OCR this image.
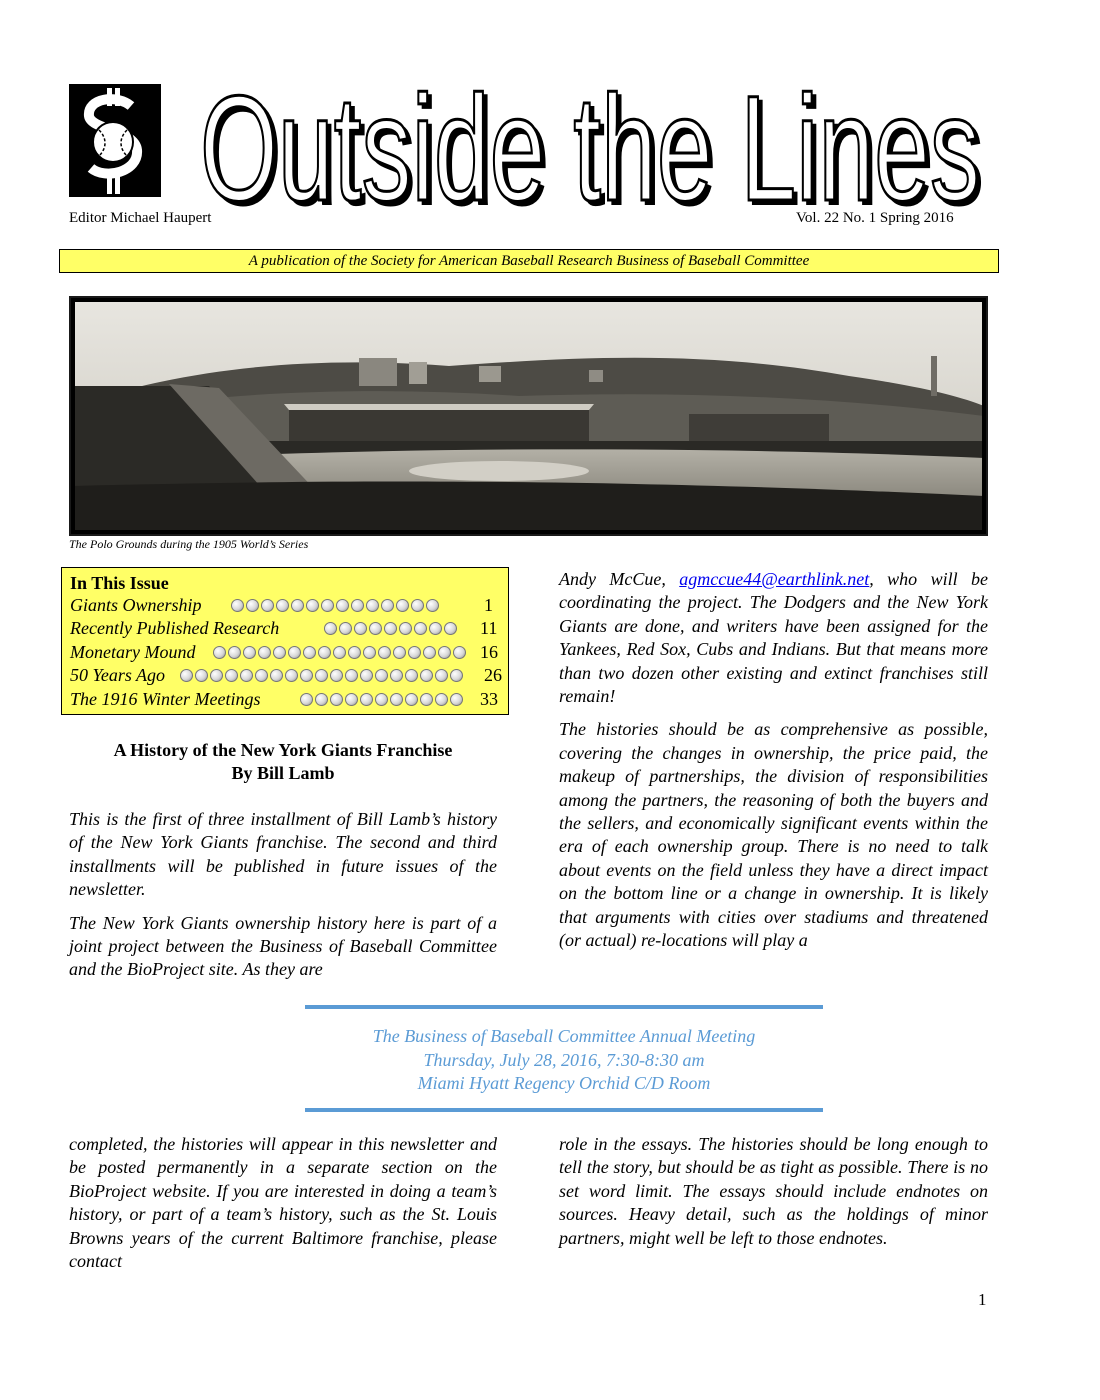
Outside the Lines
Outside the Lines
Editor Michael Haupert	Vol. 22 No. 1 Spring 2016
A publication of the Society for American Baseball Research Business of Baseball Committee
The Polo Grounds during the 1905 World’s Series
In This Issue
Giants Ownership	1
Recently Published Research	11
Monetary Mound	16
50 Years Ago	26
The 1916 Winter Meetings	33
A History of the New York Giants Franchise
By Bill Lamb

This is the first of three installment of Bill Lamb’s history of the New York Giants franchise. The second and third installments will be published in future issues of the newsletter.

The New York Giants ownership history here is part of a joint project between the Business of Baseball Committee and the BioProject site. As they are

Andy McCue, agmccue44@earthlink.net, who will be coordinating the project. The Dodgers and the New York Giants are done, and writers have been assigned for the Yankees, Red Sox, Cubs and Indians. But that means more than two dozen other existing and extinct franchises still remain!

The histories should be as comprehensive as possible, covering the changes in ownership, the price paid, the makeup of partnerships, the division of responsibilities among the partners, the reasoning of both the buyers and the sellers, and economically significant events within the era of each ownership group. There is no need to talk about events on the field unless they have a direct impact on the bottom line or a change in ownership. It is likely that arguments with cities over stadiums and threatened (or actual) re-locations will play a

The Business of Baseball Committee Annual Meeting
Thursday, July 28, 2016, 7:30-8:30 am
Miami Hyatt Regency Orchid C/D Room

completed, the histories will appear in this newsletter and be posted permanently in a separate section on the BioProject website. If you are interested in doing a team’s history, or part of a team’s history, such as the St. Louis Browns years of the current Baltimore franchise, please contact

role in the essays. The histories should be long enough to tell the story, but should be as tight as possible. There is no set word limit. The essays should include endnotes on sources. Heavy detail, such as the holdings of minor partners, might well be left to those endnotes.

1
